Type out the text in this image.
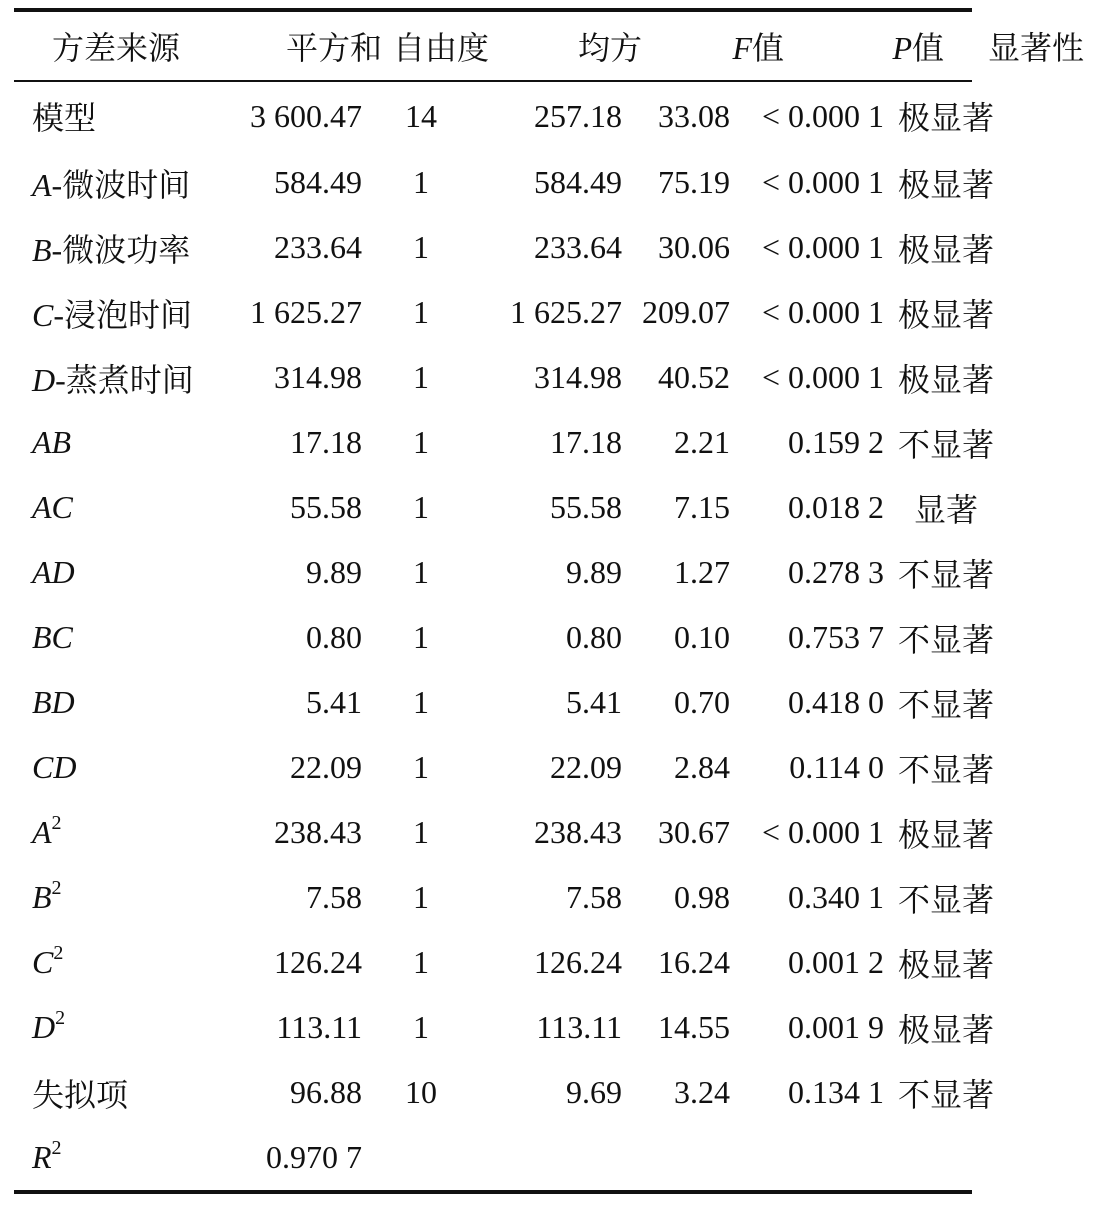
方差来源	平方和	自由度	均方	F值	P值	显著性
模型	3 600.47	14	257.18	33.08	< 0.000 1	极显著
A-微波时间	584.49	1	584.49	75.19	< 0.000 1	极显著
B-微波功率	233.64	1	233.64	30.06	< 0.000 1	极显著
C-浸泡时间	1 625.27	1	1 625.27	209.07	< 0.000 1	极显著
D-蒸煮时间	314.98	1	314.98	40.52	< 0.000 1	极显著
AB	17.18	1	17.18	2.21	0.159 2	不显著
AC	55.58	1	55.58	7.15	0.018 2	显著
AD	9.89	1	9.89	1.27	0.278 3	不显著
BC	0.80	1	0.80	0.10	0.753 7	不显著
BD	5.41	1	5.41	0.70	0.418 0	不显著
CD	22.09	1	22.09	2.84	0.114 0	不显著
$A^2$	238.43	1	238.43	30.67	< 0.000 1	极显著
$B^2$	7.58	1	7.58	0.98	0.340 1	不显著
$C^2$	126.24	1	126.24	16.24	0.001 2	极显著
$D^2$	113.11	1	113.11	14.55	0.001 9	极显著
失拟项	96.88	10	9.69	3.24	0.134 1	不显著
$R^2$	0.970 7					
